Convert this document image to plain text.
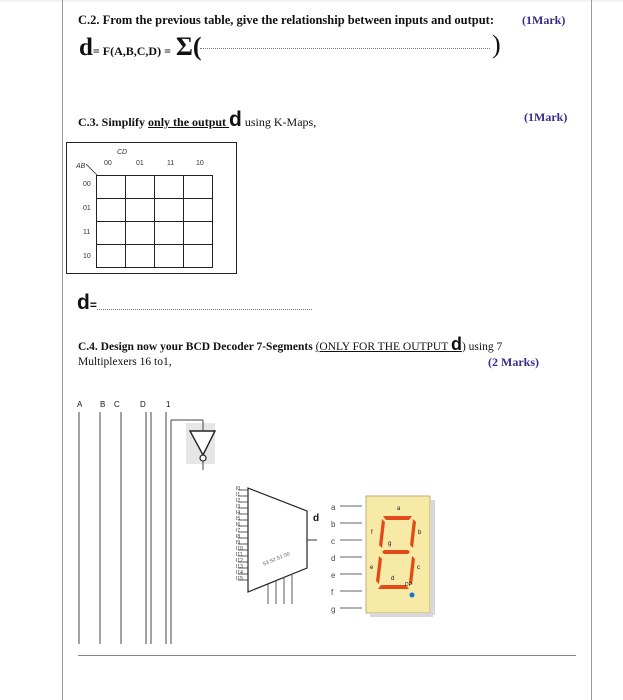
C.2. From the previous table, give the relationship between inputs and output: (1Mark)
d= F(A,B,C,D) = Σ(	)
C.3. Simplify only the output d using K-Maps,	(1Mark)
CD
AB	00	01	11	10
00
01
11
10

d=
C.4. Design now your BCD Decoder 7-Segments (ONLY FOR THE OUTPUT d) using 7
Multiplexers 16 to1,	(2 Marks)
A B C	D	1
I0
I1
I2
I3
I4
I5
I6
I7
I8
I9
I10
I11
I12
I13
I14
I15
S3 S2 S1 S0
d
a
b
c
d
e
f
g
a
b
c
d
e
f
g
DP
